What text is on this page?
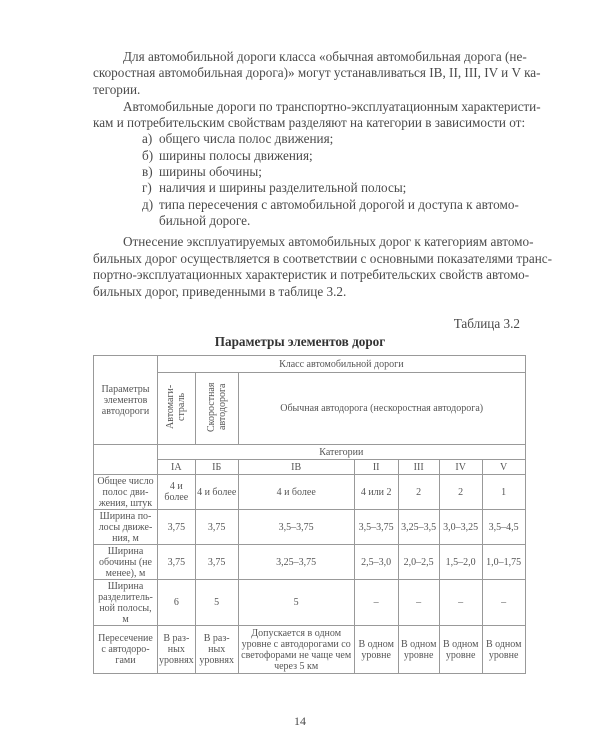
Для автомобильной дороги класса «обычная автомобильная дорога (не-
скоростная автомобильная дорога)» могут устанавливаться IB, II, III, IV и V ка-
тегории.
Автомобильные дороги по транспортно-эксплуатационным характеристи-
кам и потребительским свойствам разделяют на категории в зависимости от:
а) общего числа полос движения;
б) ширины полосы движения;
в) ширины обочины;
г) наличия и ширины разделительной полосы;
д) типа пересечения с автомобильной дорогой и доступа к автомо-
бильной дороге.
Отнесение эксплуатируемых автомобильных дорог к категориям автомо-
бильных дорог осуществляется в соответствии с основными показателями транс-
портно-эксплуатационных характеристик и потребительских свойств автомо-
бильных дорог, приведенными в таблице 3.2.
Таблица 3.2
Параметры элементов дорог
Параметры элементов автодороги	Класс автомобильной дороги						
	Автомаги-страль	Скоростная автодорога	Обычная автодорога (нескоростная автодорога)				
	Категории						
	IA	IБ	IB	II	III	IV	V
Общее число полос дви-жения, штук	4 и более	4 и более	4 и более	4 или 2	2	2	1
Ширина по-лосы движе-ния, м	3,75	3,75	3,5–3,75	3,5–3,75	3,25–3,5	3,0–3,25	3,5–4,5
Ширина обочины (не менее), м	3,75	3,75	3,25–3,75	2,5–3,0	2,0–2,5	1,5–2,0	1,0–1,75
Ширина разделитель-ной полосы, м	6	5	5	–	–	–	–
Пересечение с автодоро-гами	В раз-ных уровнях	В раз-ных уровнях	Допускается в одном уровне с автодорогами со светофорами не чаще чем через 5 км	В одном уровне	В одном уровне	В одном уровне	В одном уровне
14
